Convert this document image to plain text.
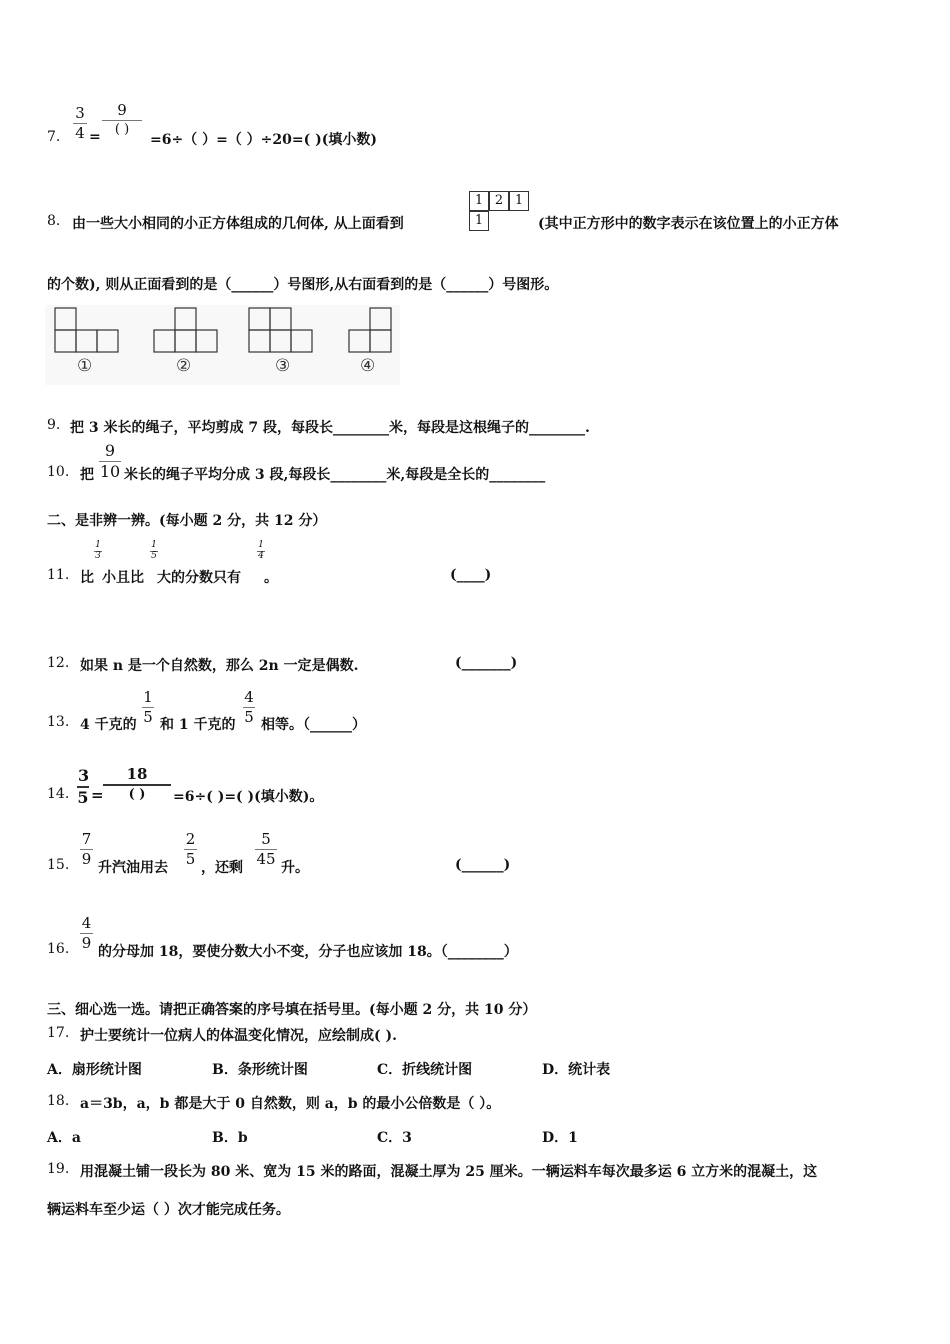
7. $\frac{3}{4}$ =
9
( )
=6÷（ ）=（ ）÷20=( )(填小数)
8. 由一些大小相同的小正方体组成的几何体, 从上面看到
1 2 1
1	(其中正方形中的数字表示在该位置上的小正方体
的个数), 则从正面看到的是（______）号图形,从右面看到的是（______）号图形。
①	②	③	④
9. 把 3 米长的绳子，平均剪成 7 段，每段长________米，每段是这根绳子的________.
10. 把 $\frac{9}{10}$ 米长的绳子平均分成 3 段,每段长________米,每段是全长的________
二、是非辨一辨。(每小题 2 分，共 12 分）
11. 比
$\frac{1}{3}$
小且比
$\frac{1}{5}$
大的分数只有
$\frac{1}{4}$
。	(____)
12. 如果 n 是一个自然数，那么 2n 一定是偶数.	(_______)
13. 4 千克的 $\frac{1}{5}$ 和 1 千克的 $\frac{4}{5}$ 相等。（______）
14. $\frac{3}{5}$ =
18
( )	=6÷( )=( )(填小数)。
15. $\frac{7}{9}$
升汽油用去
$\frac{2}{5}$
，还剩
$\frac{5}{45}$
升。	(______)
16. $\frac{4}{9}$
的分母加 18，要使分数大小不变，分子也应该加 18。（________）
三、细心选一选。请把正确答案的序号填在括号里。(每小题 2 分，共 10 分）
17. 护士要统计一位病人的体温变化情况，应绘制成( ).
A．扇形统计图	B．条形统计图	C．折线统计图	D．统计表
18. a＝3b，a，b 都是大于 0 自然数，则 a，b 的最小公倍数是（ ）。
A．a	B．b	C．3	D．1
19. 用混凝土铺一段长为 80 米、宽为 15 米的路面，混凝土厚为 25 厘米。一辆运料车每次最多运 6 立方米的混凝土，这
辆运料车至少运（ ）次才能完成任务。
